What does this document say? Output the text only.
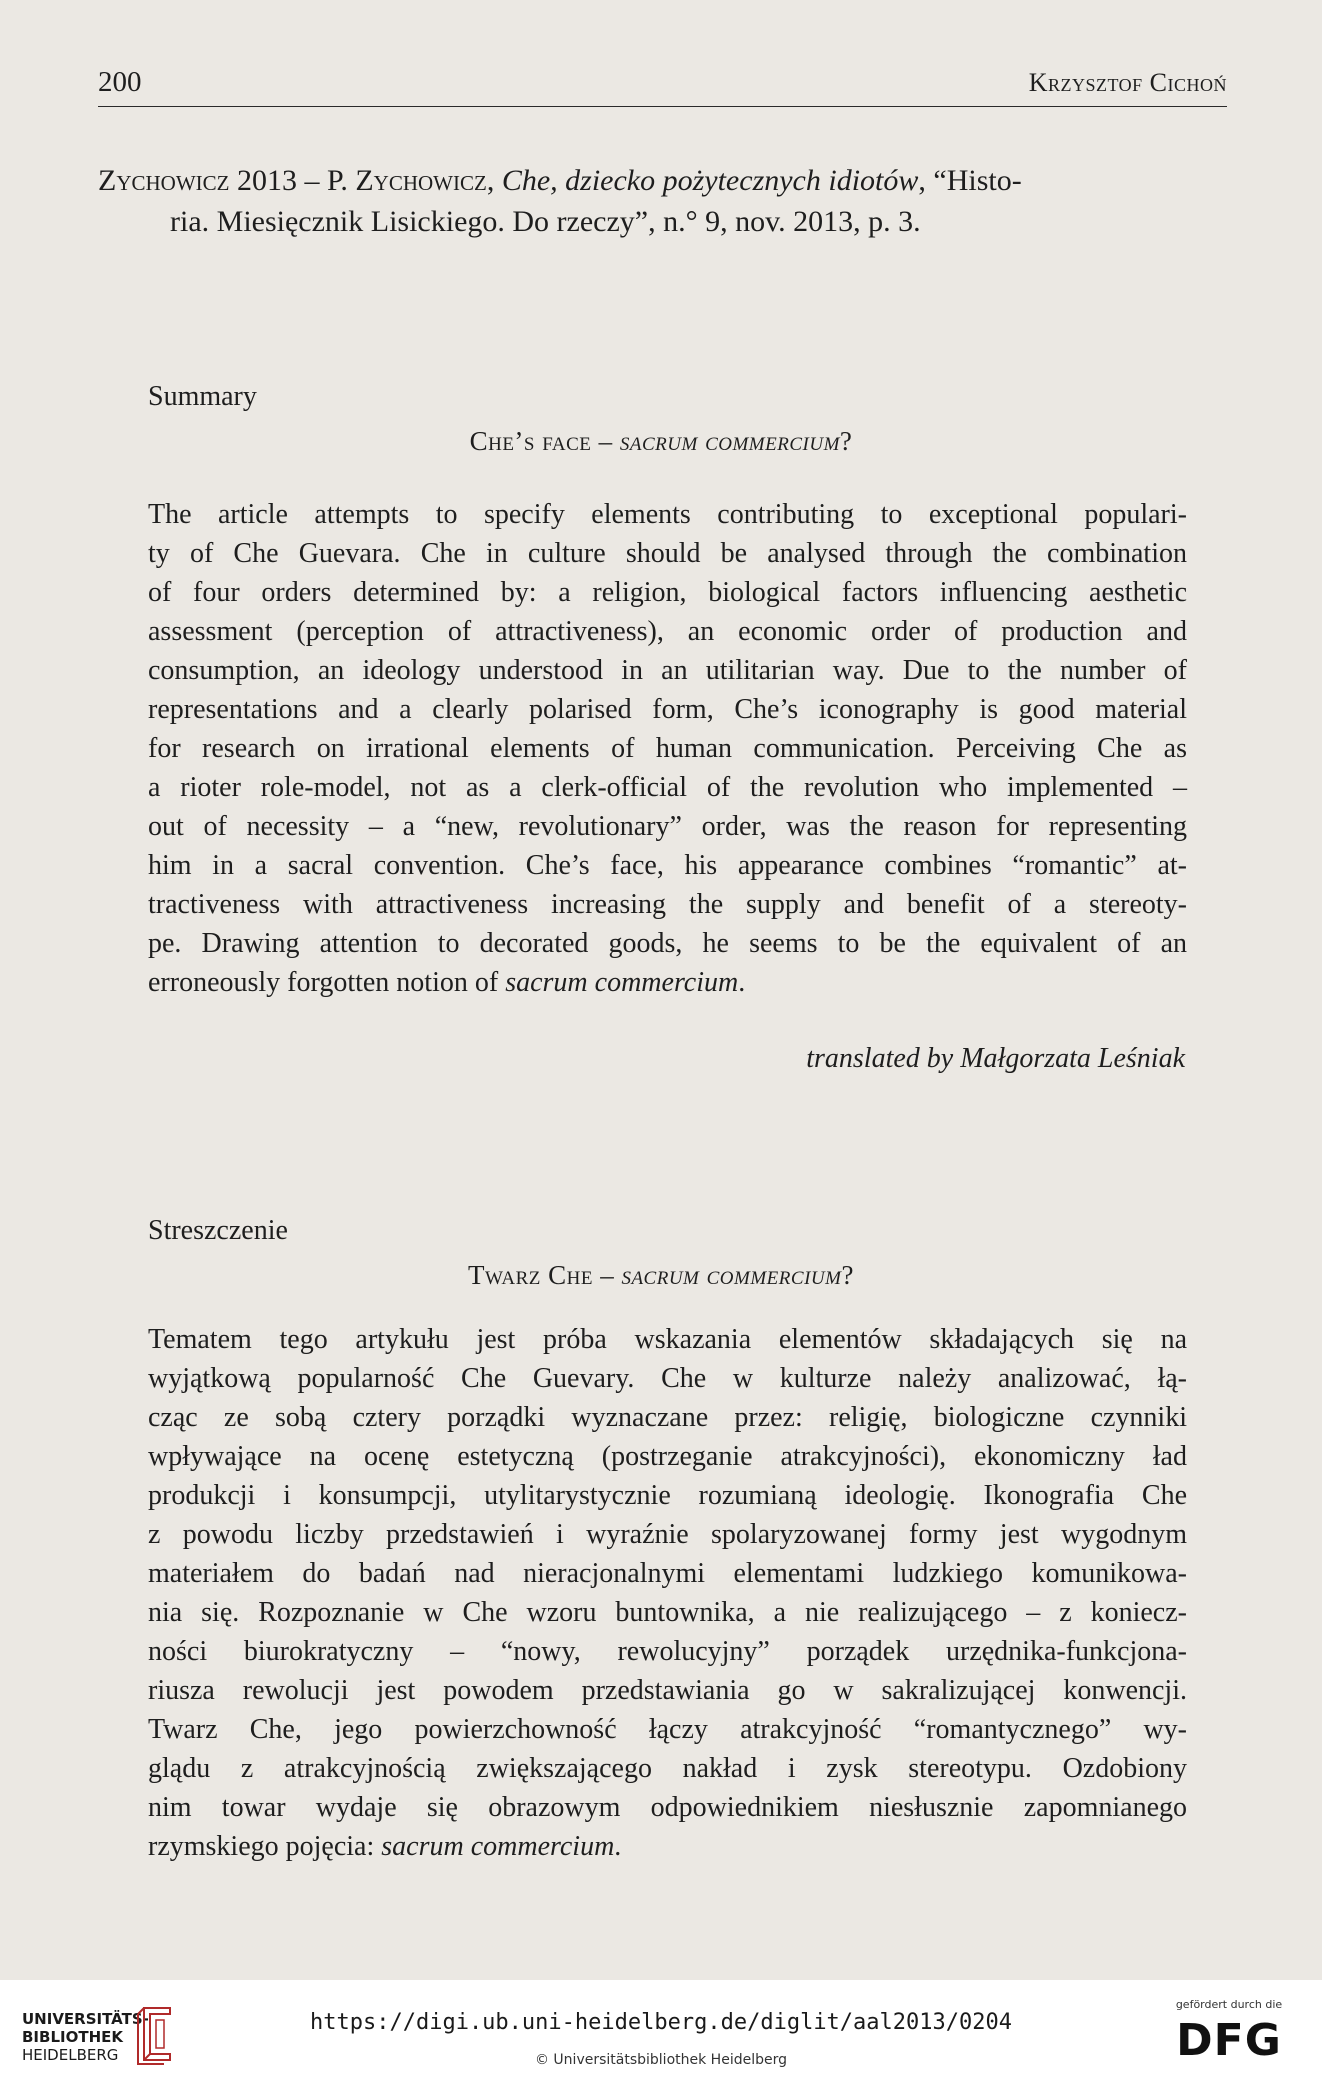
200	Krzysztof Cichoń
Zychowicz 2013 – P. Zychowicz, Che, dziecko pożytecznych idiotów, “Histo-
ria. Miesięcznik Lisickiego. Do rzeczy”, n.° 9, nov. 2013, p. 3.
Summary
Che’s face – sacrum commercium?
The article attempts to specify elements contributing to exceptional populari-
ty of Che Guevara. Che in culture should be analysed through the combination
of four orders determined by: a religion, biological factors influencing aesthetic
assessment (perception of attractiveness), an economic order of production and
consumption, an ideology understood in an utilitarian way. Due to the number of
representations and a clearly polarised form, Che’s iconography is good material
for research on irrational elements of human communication. Perceiving Che as
a rioter role-model, not as a clerk-official of the revolution who implemented –
out of necessity – a “new, revolutionary” order, was the reason for representing
him in a sacral convention. Che’s face, his appearance combines “romantic” at-
tractiveness with attractiveness increasing the supply and benefit of a stereoty-
pe. Drawing attention to decorated goods, he seems to be the equivalent of an
erroneously forgotten notion of sacrum commercium.
translated by Małgorzata Leśniak
Streszczenie
Twarz Che – sacrum commercium?
Tematem tego artykułu jest próba wskazania elementów składających się na
wyjątkową popularność Che Guevary. Che w kulturze należy analizować, łą-
cząc ze sobą cztery porządki wyznaczane przez: religię, biologiczne czynniki
wpływające na ocenę estetyczną (postrzeganie atrakcyjności), ekonomiczny ład
produkcji i konsumpcji, utylitarystycznie rozumianą ideologię. Ikonografia Che
z powodu liczby przedstawień i wyraźnie spolaryzowanej formy jest wygodnym
materiałem do badań nad nieracjonalnymi elementami ludzkiego komunikowa-
nia się. Rozpoznanie w Che wzoru buntownika, a nie realizującego – z koniecz-
ności biurokratyczny – “nowy, rewolucyjny” porządek urzędnika-funkcjona-
riusza rewolucji jest powodem przedstawiania go w sakralizującej konwencji.
Twarz Che, jego powierzchowność łączy atrakcyjność “romantycznego” wy-
glądu z atrakcyjnością zwiększającego nakład i zysk stereotypu. Ozdobiony
nim towar wydaje się obrazowym odpowiednikiem niesłusznie zapomnianego
rzymskiego pojęcia: sacrum commercium.
UNIVERSITÄTS-
BIBLIOTHEK
HEIDELBERG
https://digi.ub.uni-heidelberg.de/diglit/aal2013/0204
© Universitätsbibliothek Heidelberg
gefördert durch die
DFG
